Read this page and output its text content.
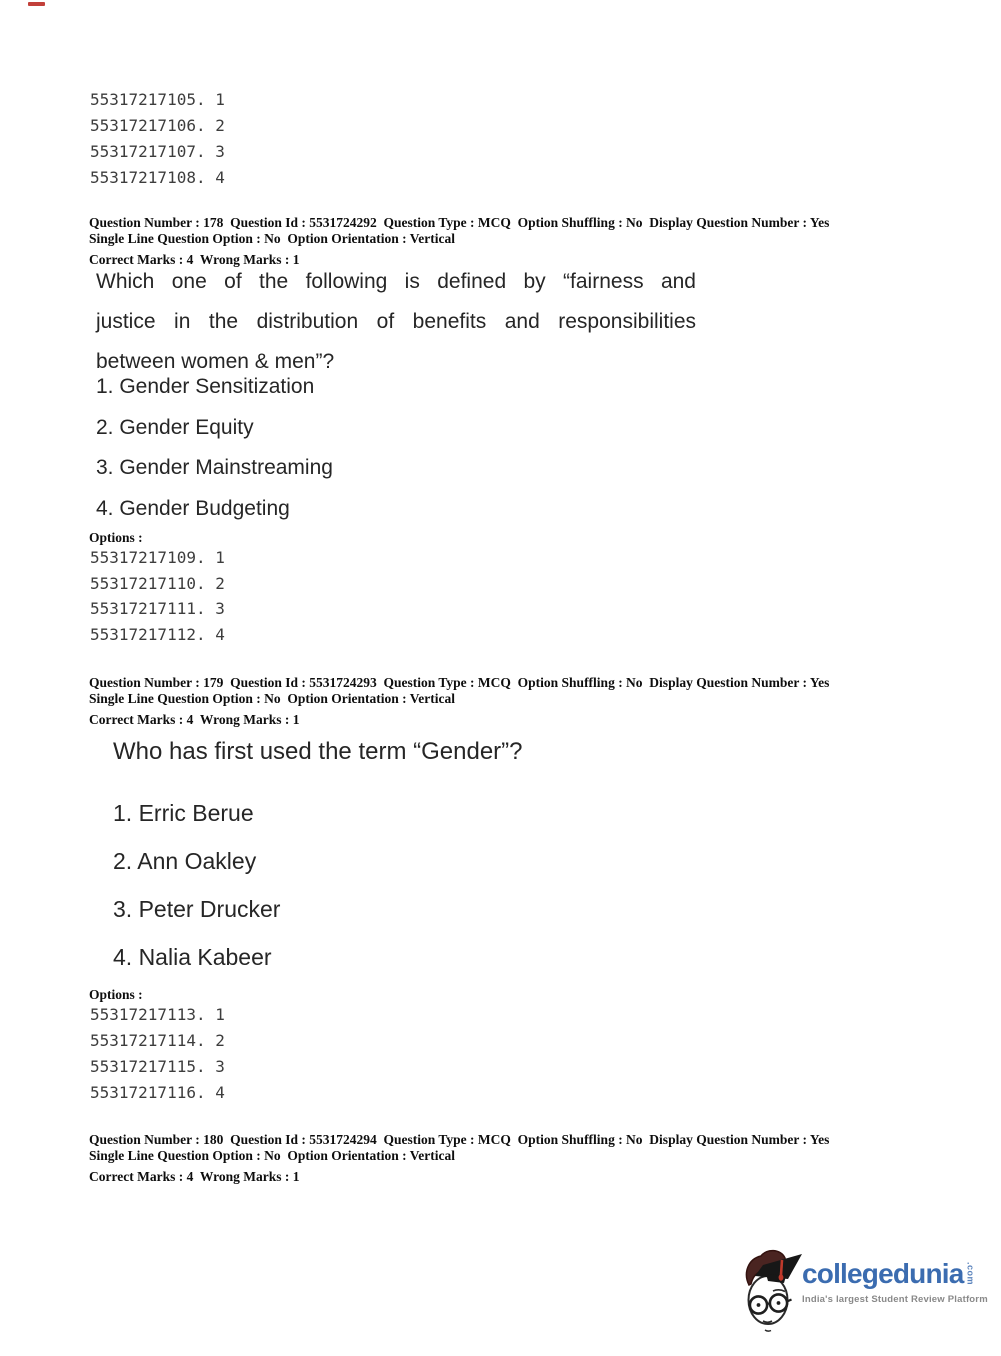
55317217105. 1
55317217106. 2
55317217107. 3
55317217108. 4
Question Number : 178  Question Id : 5531724292  Question Type : MCQ  Option Shuffling : No  Display Question Number : Yes
Single Line Question Option : No  Option Orientation : Vertical
Correct Marks : 4  Wrong Marks : 1
Which one of the following is defined by “fairness and
justice in the distribution of benefits and responsibilities
between women & men”?
1. Gender Sensitization
2. Gender Equity
3. Gender Mainstreaming
4. Gender Budgeting
Options :
55317217109. 1
55317217110. 2
55317217111. 3
55317217112. 4
Question Number : 179  Question Id : 5531724293  Question Type : MCQ  Option Shuffling : No  Display Question Number : Yes
Single Line Question Option : No  Option Orientation : Vertical
Correct Marks : 4  Wrong Marks : 1
Who has first used the term “Gender”?
1. Erric Berue
2. Ann Oakley
3. Peter Drucker
4. Nalia Kabeer
Options :
55317217113. 1
55317217114. 2
55317217115. 3
55317217116. 4
Question Number : 180  Question Id : 5531724294  Question Type : MCQ  Option Shuffling : No  Display Question Number : Yes
Single Line Question Option : No  Option Orientation : Vertical
Correct Marks : 4  Wrong Marks : 1
collegedunia .com
India's largest Student Review Platform
